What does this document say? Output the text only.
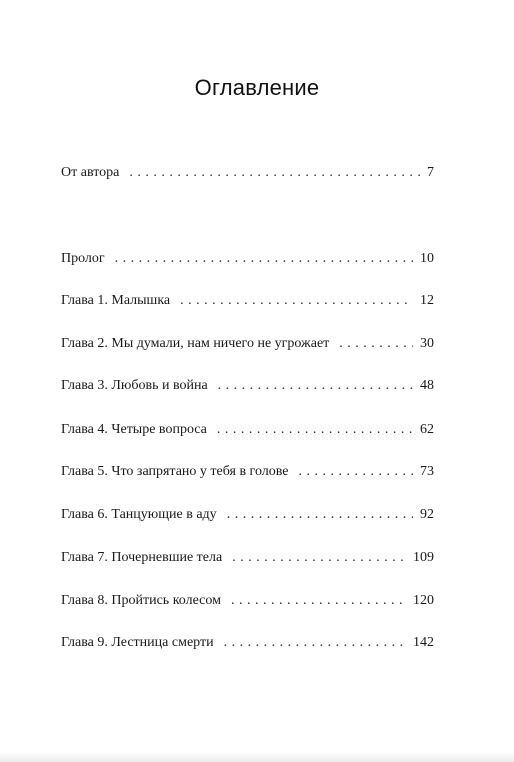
Оглавление
От автора . . .	7
Пролог . . .	10
Глава 1. Малышка . . .	12
Глава 2. Мы думали, нам ничего не угрожает . . .	30
Глава 3. Любовь и война . . .	48
Глава 4. Четыре вопроса . . .	62
Глава 5. Что запрятано у тебя в голове . . .	73
Глава 6. Танцующие в аду . . .	92
Глава 7. Почерневшие тела . . .	109
Глава 8. Пройтись колесом . . .	120
Глава 9. Лестница смерти . . .	142
